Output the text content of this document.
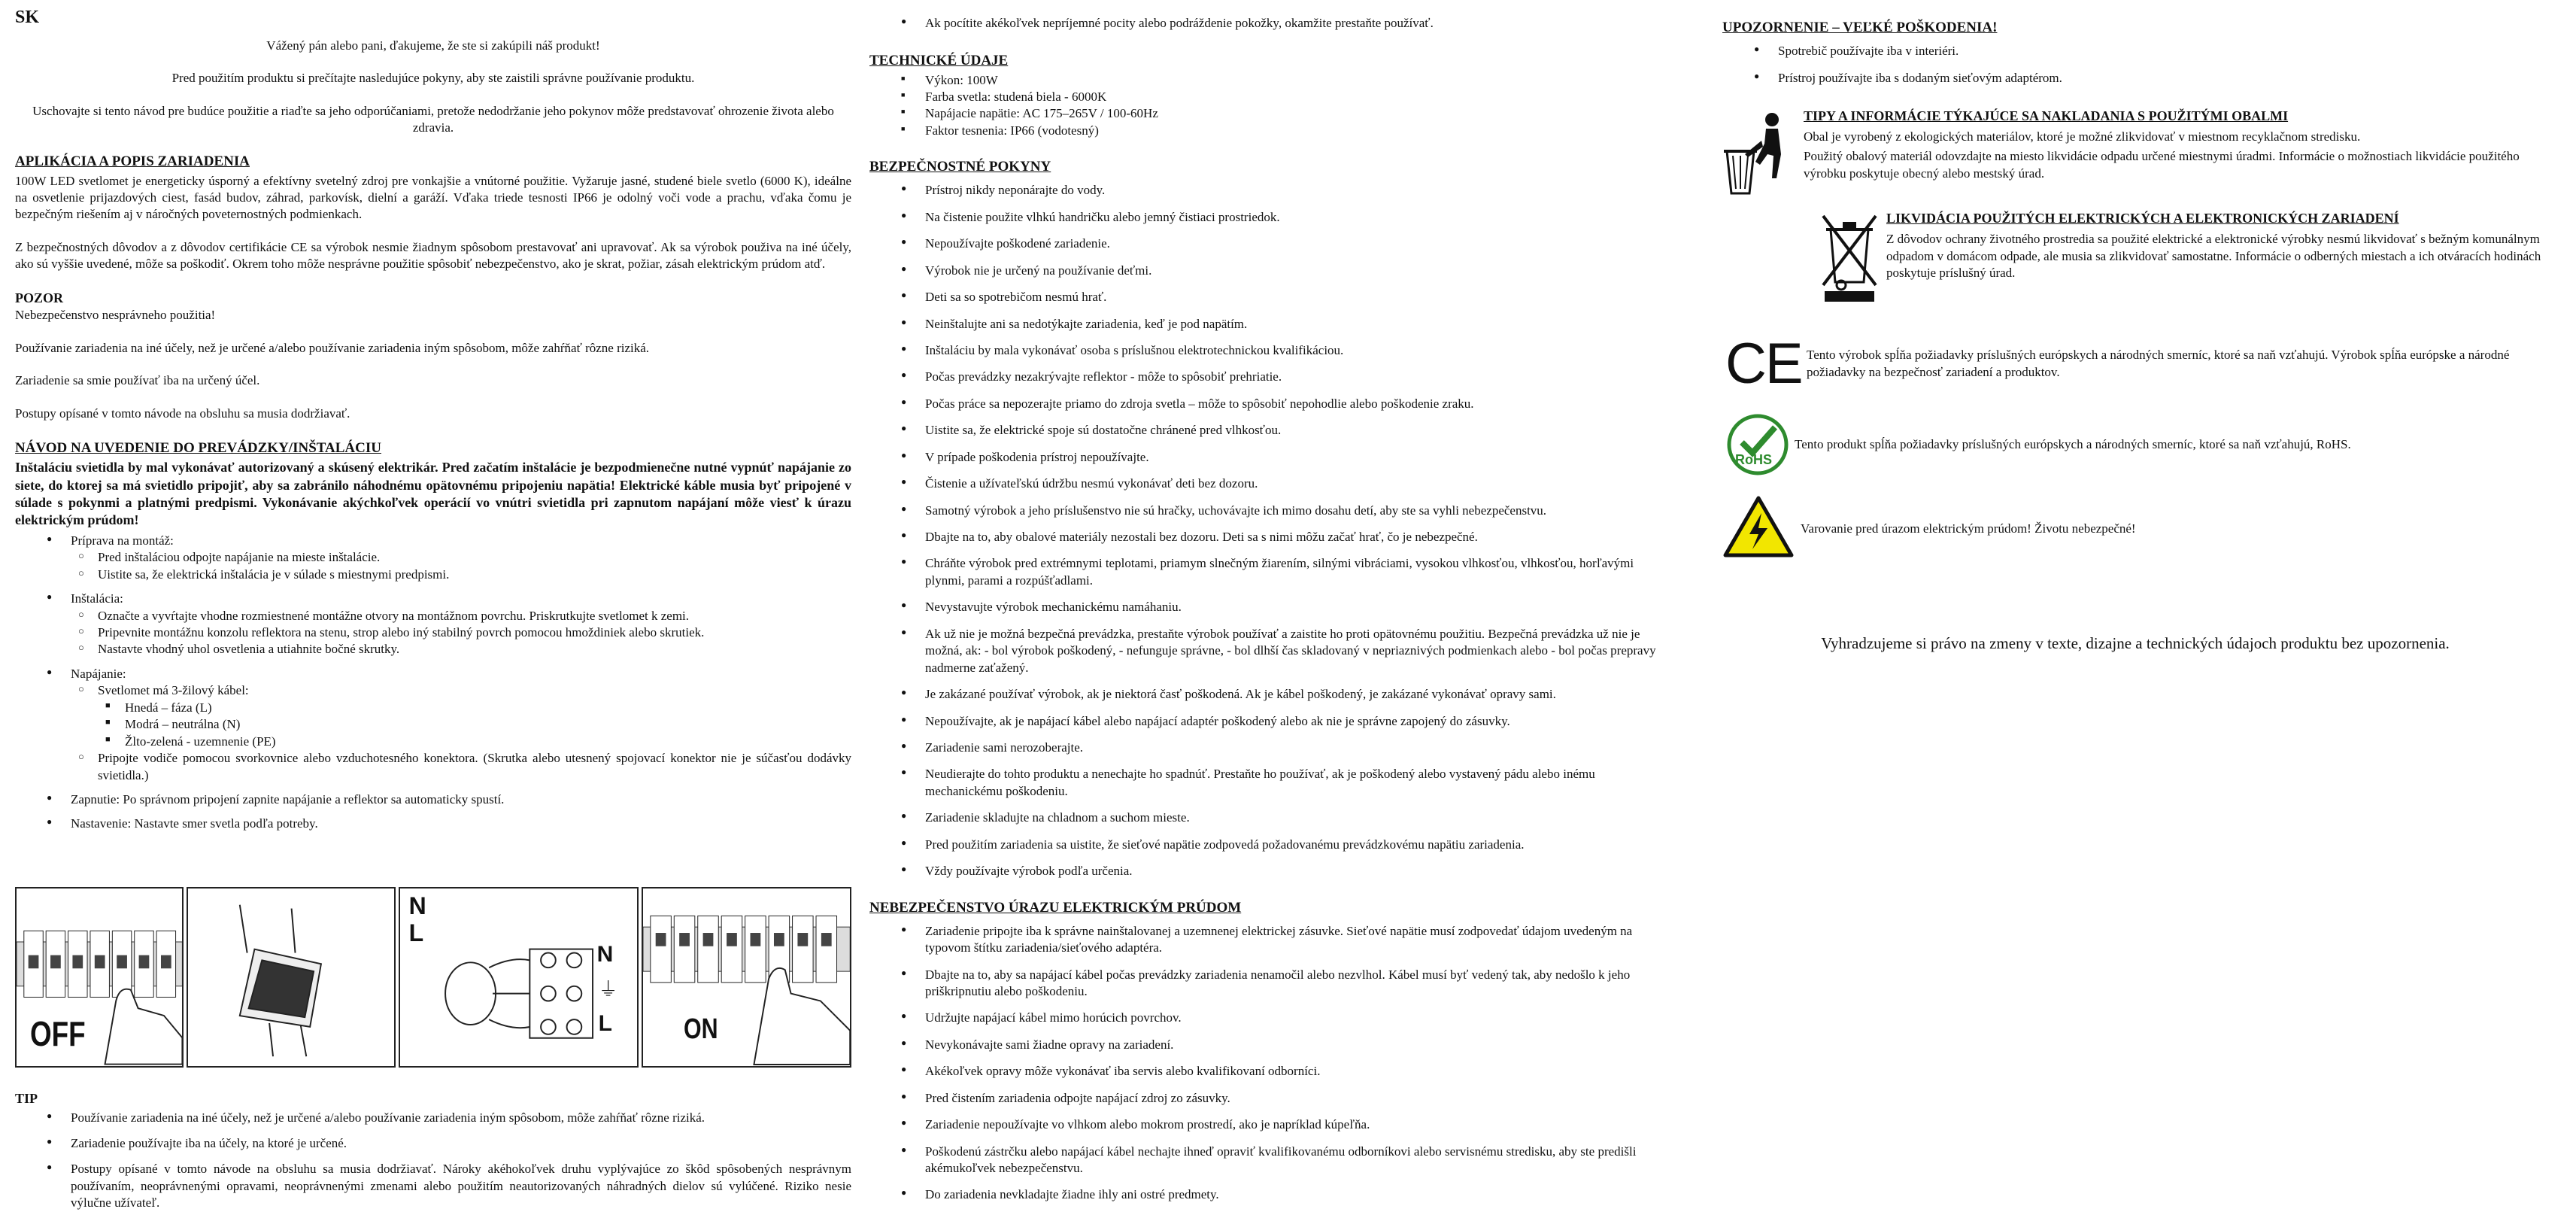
SK

Vážený pán alebo pani, ďakujeme, že ste si zakúpili náš produkt!

Pred použitím produktu si prečítajte nasledujúce pokyny, aby ste zaistili správne používanie produktu.

Uschovajte si tento návod pre budúce použitie a riaďte sa jeho odporúčaniami, pretože nedodržanie jeho pokynov môže predstavovať ohrozenie života alebo zdravia.

APLIKÁCIA A POPIS ZARIADENIA

100W LED svetlomet je energeticky úsporný a efektívny svetelný zdroj pre vonkajšie a vnútorné použitie. Vyžaruje jasné, studené biele svetlo (6000 K), ideálne na osvetlenie prijazdových ciest, fasád budov, záhrad, parkovísk, dielní a garáží. Vďaka triede tesnosti IP66 je odolný voči vode a prachu, vďaka čomu je bezpečným riešením aj v náročných poveternostných podmienkach.

Z bezpečnostných dôvodov a z dôvodov certifikácie CE sa výrobok nesmie žiadnym spôsobom prestavovať ani upravovať. Ak sa výrobok použiva na iné účely, ako sú vyššie uvedené, môže sa poškodiť. Okrem toho môže nesprávne použitie spôsobiť nebezpečenstvo, ako je skrat, požiar, zásah elektrickým prúdom atď.

POZOR

Nebezpečenstvo nesprávneho použitia!

Používanie zariadenia na iné účely, než je určené a/alebo používanie zariadenia iným spôsobom, môže zahŕňať rôzne riziká.

Zariadenie sa smie používať iba na určený účel.

Postupy opísané v tomto návode na obsluhu sa musia dodržiavať.

NÁVOD NA UVEDENIE DO PREVÁDZKY/INŠTALÁCIU

Inštaláciu svietidla by mal vykonávať autorizovaný a skúsený elektrikár. Pred začatím inštalácie je bezpodmienečne nutné vypnúť napájanie zo siete, do ktorej sa má svietidlo pripojiť, aby sa zabránilo náhodnému opätovnému pripojeniu napätia! Elektrické káble musia byť pripojené v súlade s pokynmi a platnými predpismi. Vykonávanie akýchkoľvek operácií vo vnútri svietidla pri zapnutom napájaní môže viesť k úrazu elektrickým prúdom!

● Príprava na montáž:
○ Pred inštaláciou odpojte napájanie na mieste inštalácie.
○ Uistite sa, že elektrická inštalácia je v súlade s miestnymi predpismi.
● Inštalácia:
○ Označte a vyvŕtajte vhodne rozmiestnené montážne otvory na montážnom povrchu. Priskrutkujte svetlomet k zemi.
○ Pripevnite montážnu konzolu reflektora na stenu, strop alebo iný stabilný povrch pomocou hmoždiniek alebo skrutiek.
○ Nastavte vhodný uhol osvetlenia a utiahnite bočné skrutky.
● Napájanie:
○ Svetlomet má 3-žilový kábel:
■ Hnedá – fáza (L)
■ Modrá – neutrálna (N)
■ Žlto-zelená - uzemnenie (PE)
○ Pripojte vodiče pomocou svorkovnice alebo vzduchotesného konektora. (Skrutka alebo utesnený spojovací konektor nie je súčasťou dodávky svietidla.)
● Zapnutie: Po správnom pripojení zapnite napájanie a reflektor sa automaticky spustí.
● Nastavenie: Nastavte smer svetla podľa potreby.
OFF
N
L
N
⏚
L ON
TIP
● Používanie zariadenia na iné účely, než je určené a/alebo používanie zariadenia iným spôsobom, môže zahŕňať rôzne riziká.
● Zariadenie používajte iba na účely, na ktoré je určené.
● Postupy opísané v tomto návode na obsluhu sa musia dodržiavať. Nároky akéhokoľvek druhu vyplývajúce zo škôd spôsobených nesprávnym používaním, neoprávnenými opravami, neoprávnenými zmenami alebo použitím neautorizovaných náhradných dielov sú vylúčené. Riziko nesie výlučne užívateľ.
● Ak pocítite akékoľvek nepríjemné pocity alebo podráždenie pokožky, okamžite prestaňte používať.
TECHNICKÉ ÚDAJE
■ Výkon: 100W
■ Farba svetla: studená biela - 6000K
■ Napájacie napätie: AC 175–265V / 100-60Hz
■ Faktor tesnenia: IP66 (vodotesný)
BEZPEČNOSTNÉ POKYNY
● Prístroj nikdy neponárajte do vody.
● Na čistenie použite vlhkú handričku alebo jemný čistiaci prostriedok.
● Nepoužívajte poškodené zariadenie.
● Výrobok nie je určený na používanie deťmi.
● Deti sa so spotrebičom nesmú hrať.
● Neinštalujte ani sa nedotýkajte zariadenia, keď je pod napätím.
● Inštaláciu by mala vykonávať osoba s príslušnou elektrotechnickou kvalifikáciou.
● Počas prevádzky nezakrývajte reflektor - môže to spôsobiť prehriatie.
● Počas práce sa nepozerajte priamo do zdroja svetla – môže to spôsobiť nepohodlie alebo poškodenie zraku.
● Uistite sa, že elektrické spoje sú dostatočne chránené pred vlhkosťou.
● V prípade poškodenia prístroj nepoužívajte.
● Čistenie a užívateľskú údržbu nesmú vykonávať deti bez dozoru.
● Samotný výrobok a jeho príslušenstvo nie sú hračky, uchovávajte ich mimo dosahu detí, aby ste sa vyhli nebezpečenstvu.
● Dbajte na to, aby obalové materiály nezostali bez dozoru. Deti sa s nimi môžu začať hrať, čo je nebezpečné.
● Chráňte výrobok pred extrémnymi teplotami, priamym slnečným žiarením, silnými vibráciami, vysokou vlhkosťou, vlhkosťou, horľavými plynmi, parami a rozpúšťadlami.
● Nevystavujte výrobok mechanickému namáhaniu.
● Ak už nie je možná bezpečná prevádzka, prestaňte výrobok používať a zaistite ho proti opätovnému použitiu. Bezpečná prevádzka už nie je možná, ak: - bol výrobok poškodený, - nefunguje správne, - bol dlhší čas skladovaný v nepriaznivých podmienkach alebo - bol počas prepravy nadmerne zaťažený.
● Je zakázané používať výrobok, ak je niektorá časť poškodená. Ak je kábel poškodený, je zakázané vykonávať opravy sami.
● Nepoužívajte, ak je napájací kábel alebo napájací adaptér poškodený alebo ak nie je správne zapojený do zásuvky.
● Zariadenie sami nerozoberajte.
● Neudierajte do tohto produktu a nenechajte ho spadnúť. Prestaňte ho používať, ak je poškodený alebo vystavený pádu alebo inému mechanickému poškodeniu.
● Zariadenie skladujte na chladnom a suchom mieste.
● Pred použitím zariadenia sa uistite, že sieťové napätie zodpovedá požadovanému prevádzkovému napätiu zariadenia.
● Vždy používajte výrobok podľa určenia.
NEBEZPEČENSTVO ÚRAZU ELEKTRICKÝM PRÚDOM
● Zariadenie pripojte iba k správne nainštalovanej a uzemnenej elektrickej zásuvke. Sieťové napätie musí zodpovedať údajom uvedeným na typovom štítku zariadenia/sieťového adaptéra.
● Dbajte na to, aby sa napájací kábel počas prevádzky zariadenia nenamočil alebo nezvlhol. Kábel musí byť vedený tak, aby nedošlo k jeho priškripnutiu alebo poškodeniu.
● Udržujte napájací kábel mimo horúcich povrchov.
● Nevykonávajte sami žiadne opravy na zariadení.
● Akékoľvek opravy môže vykonávať iba servis alebo kvalifikovaní odborníci.
● Pred čistením zariadenia odpojte napájací zdroj zo zásuvky.
● Zariadenie nepoužívajte vo vlhkom alebo mokrom prostredí, ako je napríklad kúpeľňa.
● Poškodenú zástrčku alebo napájací kábel nechajte ihneď opraviť kvalifikovanému odborníkovi alebo servisnému stredisku, aby ste predišli akémukoľvek nebezpečenstvu.
● Do zariadenia nevkladajte žiadne ihly ani ostré predmety.
UPOZORNENIE – VEĽKÉ POŠKODENIA!
● Spotrebič používajte iba v interiéri.
● Prístroj používajte iba s dodaným sieťovým adaptérom.
TIPY A INFORMÁCIE TÝKAJÚCE SA NAKLADANIA S POUŽITÝMI OBALMI

Obal je vyrobený z ekologických materiálov, ktoré je možné zlikvidovať v miestnom recyklačnom stredisku.

Použitý obalový materiál odovzdajte na miesto likvidácie odpadu určené miestnymi úradmi. Informácie o možnostiach likvidácie použitého výrobku poskytuje obecný alebo mestský úrad.

LIKVIDÁCIA POUŽITÝCH ELEKTRICKÝCH A ELEKTRONICKÝCH ZARIADENÍ

Z dôvodov ochrany životného prostredia sa použité elektrické a elektronické výrobky nesmú likvidovať s bežným komunálnym odpadom v domácom odpade, ale musia sa zlikvidovať samostatne. Informácie o odberných miestach a ich otváracích hodinách poskytuje príslušný úrad.

CE Tento výrobok spĺňa požiadavky príslušných európskych a národných smerníc, ktoré sa naň vzťahujú. Výrobok spĺňa európske a národné požiadavky na bezpečnosť zariadení a produktov.

RoHS

Tento produkt spĺňa požiadavky príslušných európskych a národných smerníc, ktoré sa naň vzťahujú, RoHS.

Varovanie pred úrazom elektrickým prúdom! Životu nebezpečné!

Vyhradzujeme si právo na zmeny v texte, dizajne a technických údajoch produktu bez upozornenia.
